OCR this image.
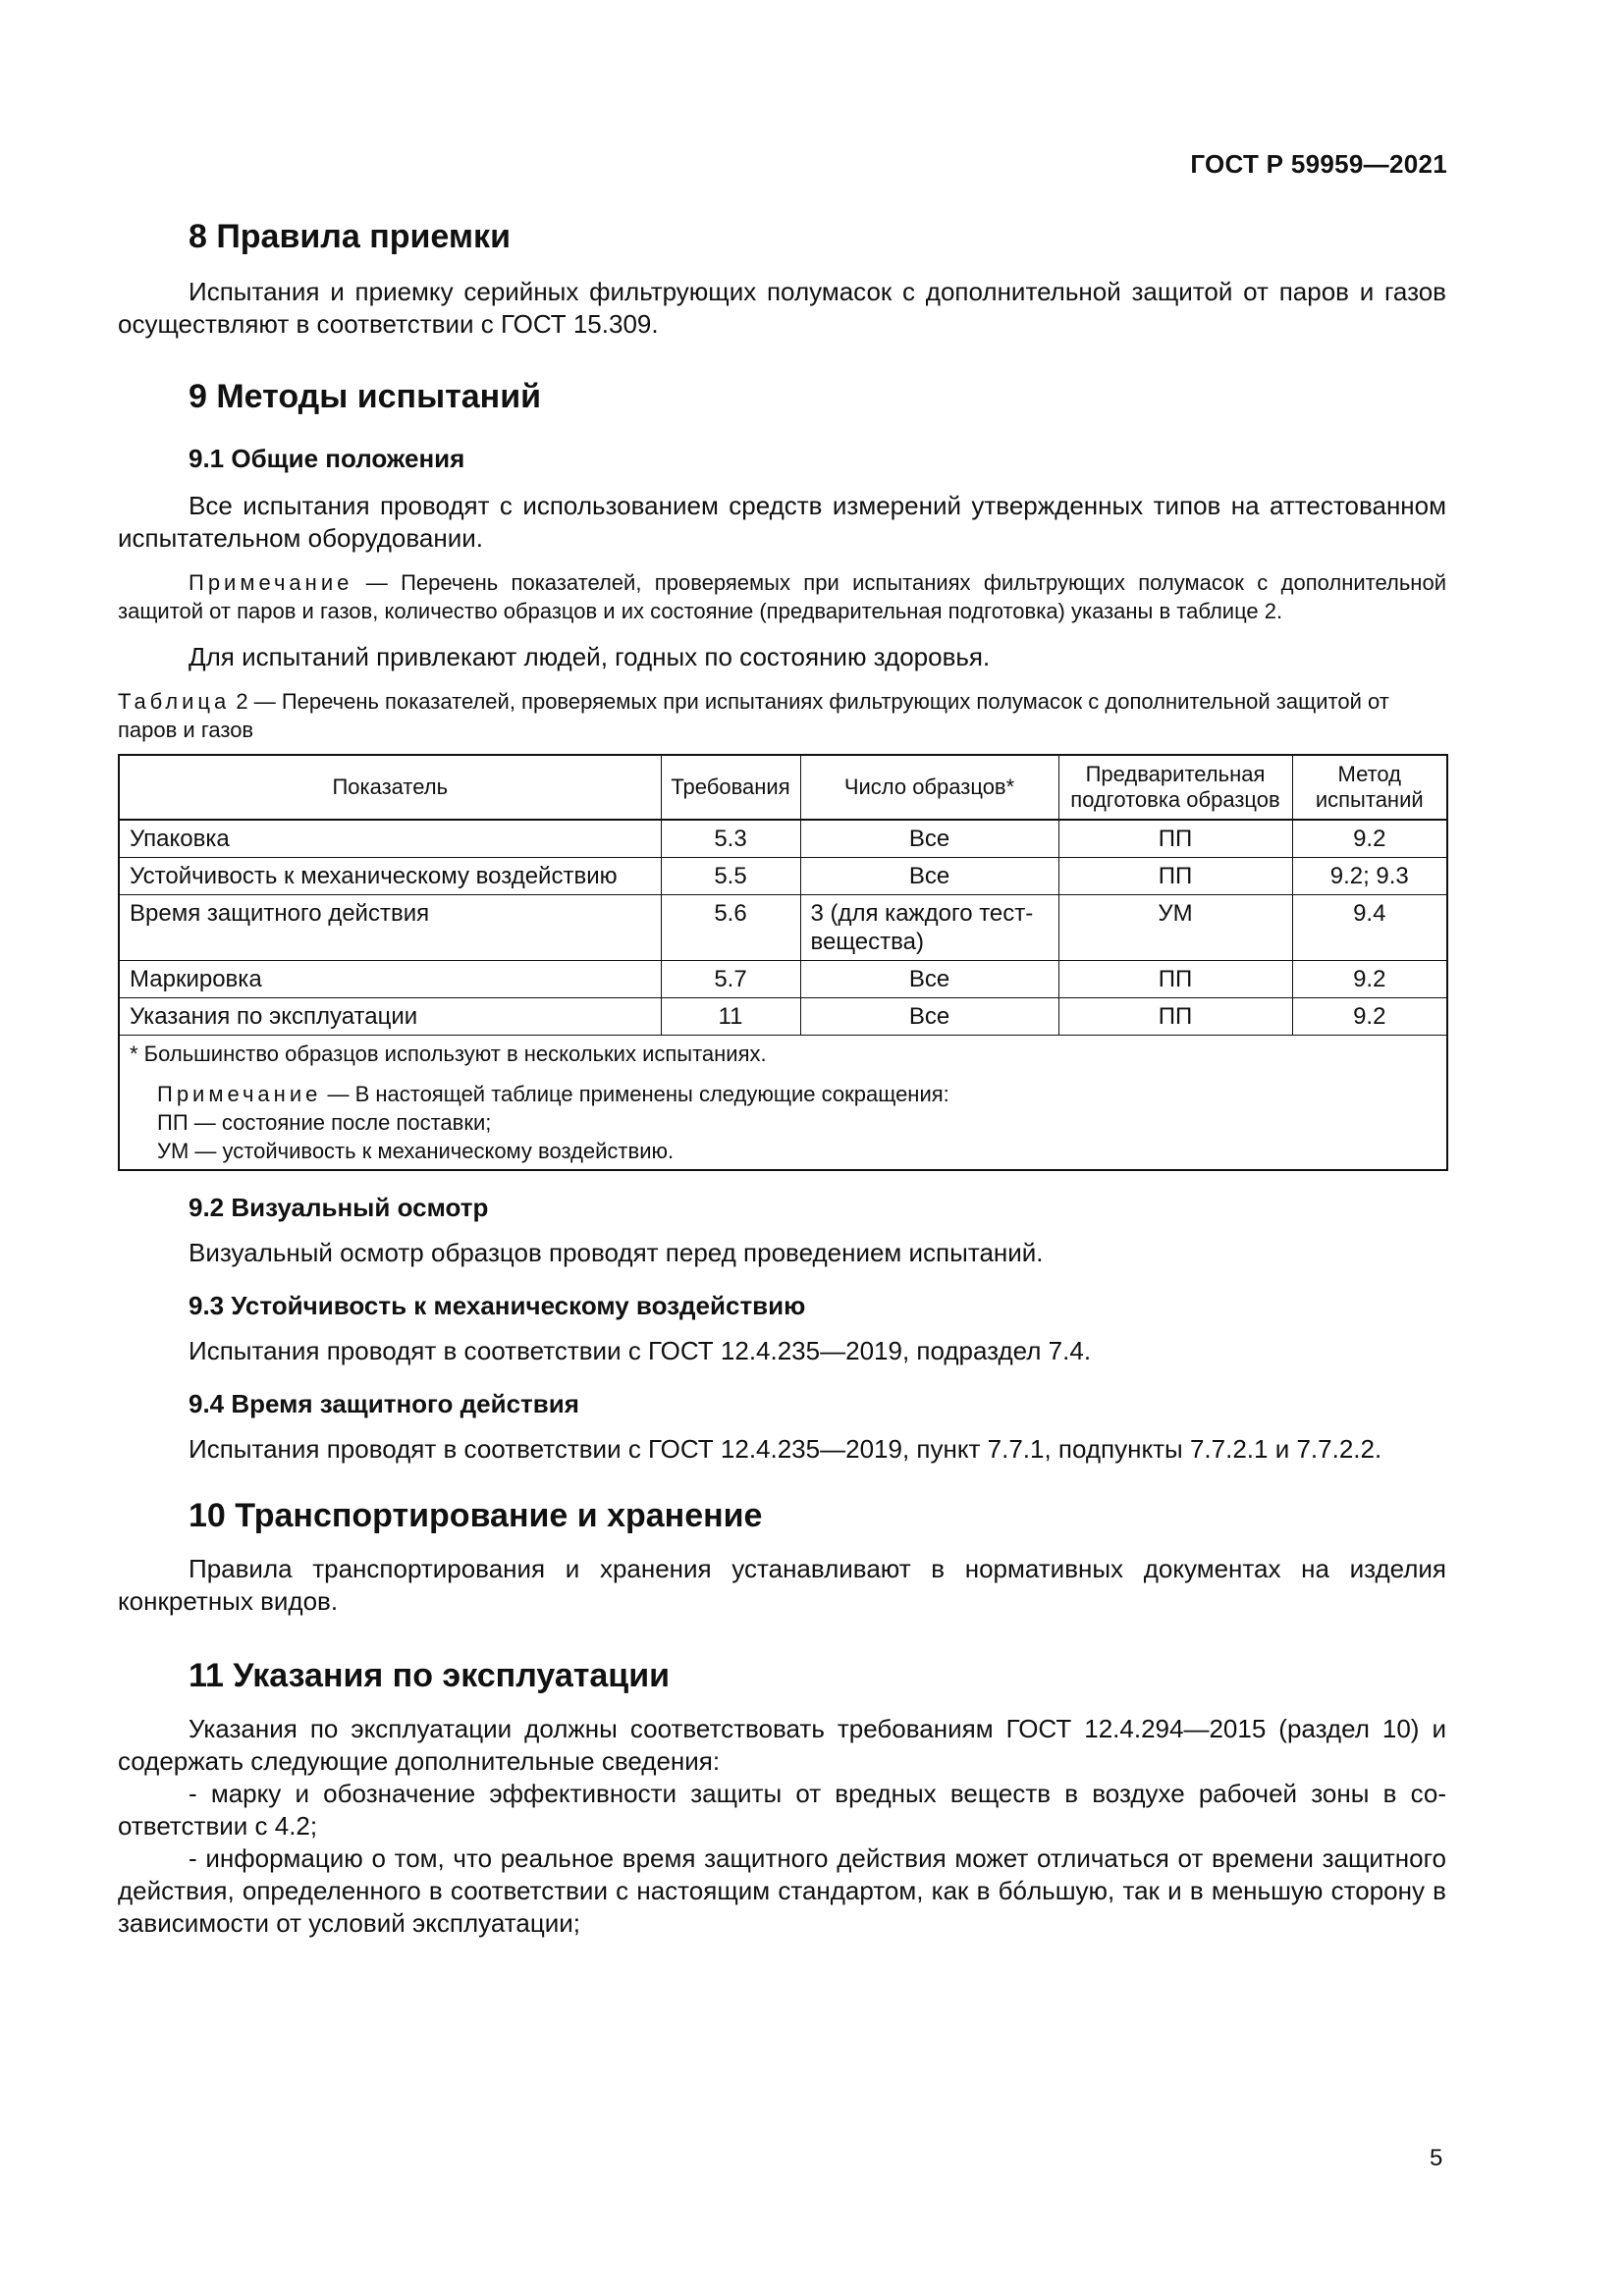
ГОСТ Р 59959—2021
8 Правила приемки

Испытания и приемку серийных фильтрующих полумасок с дополнительной защитой от паров и газов осуществляют в соответствии с ГОСТ 15.309.

9 Методы испытаний
9.1 Общие положения

Все испытания проводят с использованием средств измерений утвержденных типов на аттестованном испытательном оборудовании.

Примечание — Перечень показателей, проверяемых при испытаниях фильтрующих полумасок с дополнительной защитой от паров и газов, количество образцов и их состояние (предварительная подготовка) указаны в таблице 2.

Для испытаний привлекают людей, годных по состоянию здоровья.

Таблица 2 — Перечень показателей, проверяемых при испытаниях фильтрующих полумасок с дополнительной защитой от паров и газов

Показатель	Требования	Число образцов*	Предварительная подготовка образцов	Метод испытаний
Упаковка	5.3	Все	ПП	9.2
Устойчивость к механическому воздействию	5.5	Все	ПП	9.2; 9.3
Время защитного действия	5.6	3 (для каждого тест-вещества)	УМ	9.4
Маркировка	5.7	Все	ПП	9.2
Указания по эксплуатации	11	Все	ПП	9.2

* Большинство образцов используют в нескольких испытаниях.
Примечание — В настоящей таблице применены следующие сокращения:
ПП — состояние после поставки;
УМ — устойчивость к механическому воздействию.				
9.2 Визуальный осмотр

Визуальный осмотр образцов проводят перед проведением испытаний.

9.3 Устойчивость к механическому воздействию

Испытания проводят в соответствии с ГОСТ 12.4.235—2019, подраздел 7.4.

9.4 Время защитного действия

Испытания проводят в соответствии с ГОСТ 12.4.235—2019, пункт 7.7.1, подпункты 7.7.2.1 и 7.7.2.2.

10 Транспортирование и хранение

Правила транспортирования и хранения устанавливают в нормативных документах на изделия конкретных видов.

11 Указания по эксплуатации

Указания по эксплуатации должны соответствовать требованиям ГОСТ 12.4.294—2015 (раздел 10) и содержать следующие дополнительные сведения:

- марку и обозначение эффективности защиты от вредных веществ в воздухе рабочей зоны в соответствии с 4.2;

- информацию о том, что реальное время защитного действия может отличаться от времени защитного действия, определенного в соответствии с настоящим стандартом, как в бóльшую, так и в меньшую сторону в зависимости от условий эксплуатации;

5
